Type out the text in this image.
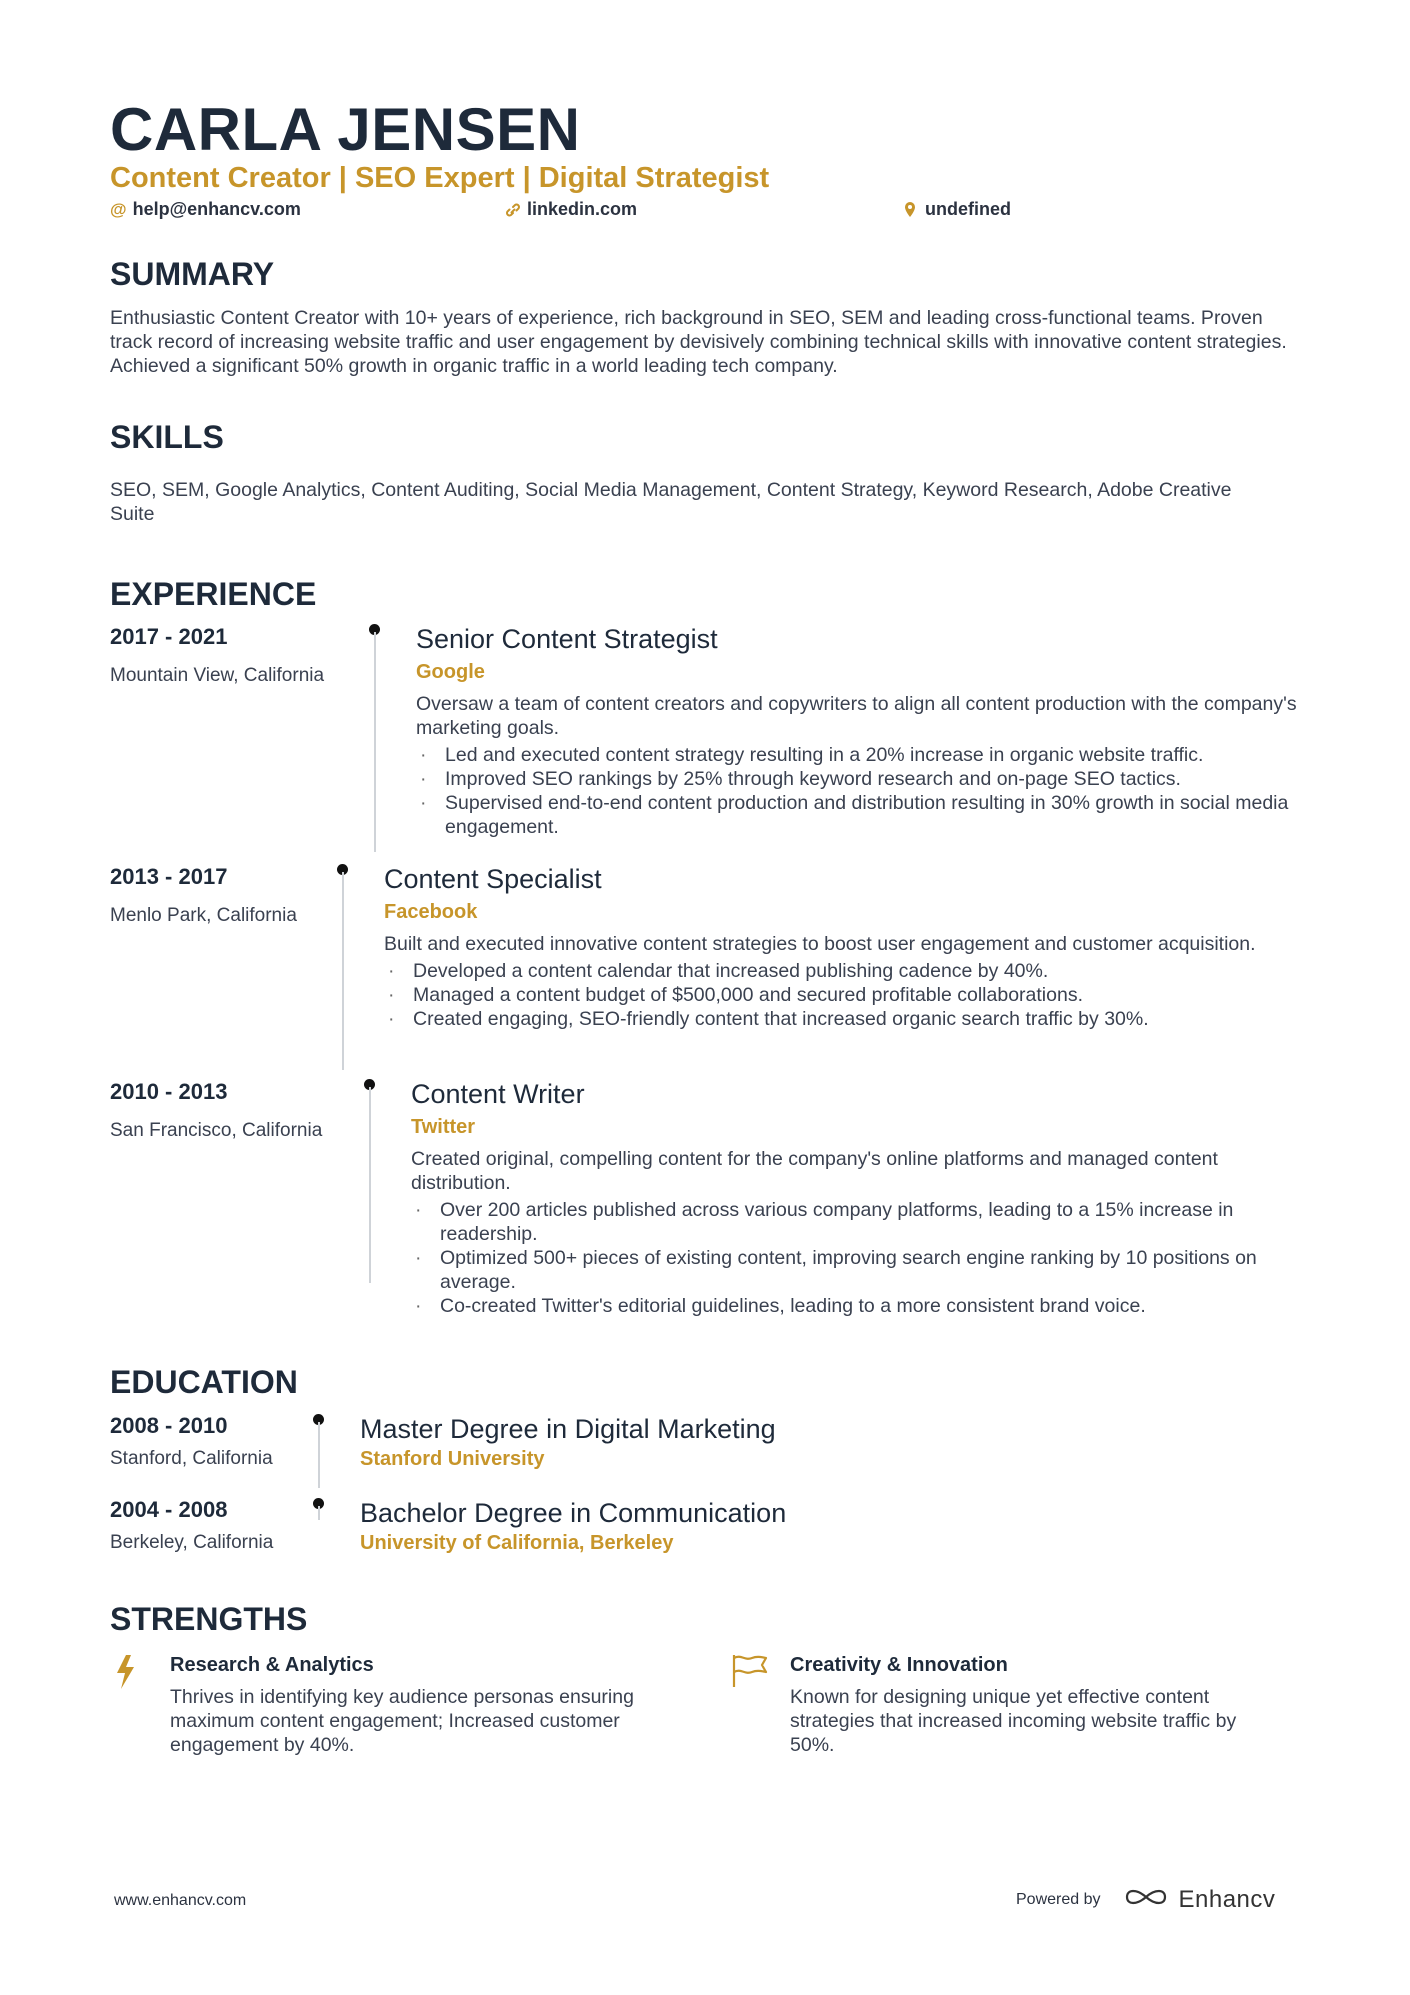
CARLA JENSEN
Content Creator | SEO Expert | Digital Strategist
@ help@enhancv.com	linkedin.com	undefined
SUMMARY
Enthusiastic Content Creator with 10+ years of experience, rich background in SEO, SEM and leading cross-functional teams. Proven track record of increasing website traffic and user engagement by devisively combining technical skills with innovative content strategies. Achieved a significant 50% growth in organic traffic in a world leading tech company.
SKILLS
SEO, SEM, Google Analytics, Content Auditing, Social Media Management, Content Strategy, Keyword Research, Adobe Creative Suite
EXPERIENCE
2017 - 2021
Mountain View, California
Senior Content Strategist
Google
Oversaw a team of content creators and copywriters to align all content production with the company's marketing goals.
· Led and executed content strategy resulting in a 20% increase in organic website traffic.
· Improved SEO rankings by 25% through keyword research and on-page SEO tactics.
· Supervised end-to-end content production and distribution resulting in 30% growth in social media engagement.
2013 - 2017
Menlo Park, California
Content Specialist
Facebook
Built and executed innovative content strategies to boost user engagement and customer acquisition.
· Developed a content calendar that increased publishing cadence by 40%.
· Managed a content budget of $500,000 and secured profitable collaborations.
· Created engaging, SEO-friendly content that increased organic search traffic by 30%.
2010 - 2013
San Francisco, California
Content Writer
Twitter
Created original, compelling content for the company's online platforms and managed content distribution.
· Over 200 articles published across various company platforms, leading to a 15% increase in readership.
· Optimized 500+ pieces of existing content, improving search engine ranking by 10 positions on average.
· Co-created Twitter's editorial guidelines, leading to a more consistent brand voice.
EDUCATION
2008 - 2010
Stanford, California
Master Degree in Digital Marketing
Stanford University
2004 - 2008
Berkeley, California
Bachelor Degree in Communication
University of California, Berkeley
STRENGTHS
Research & Analytics
Thrives in identifying key audience personas ensuring maximum content engagement; Increased customer engagement by 40%.
Creativity & Innovation
Known for designing unique yet effective content strategies that increased incoming website traffic by 50%.
www.enhancv.com	Powered by	Enhancv
